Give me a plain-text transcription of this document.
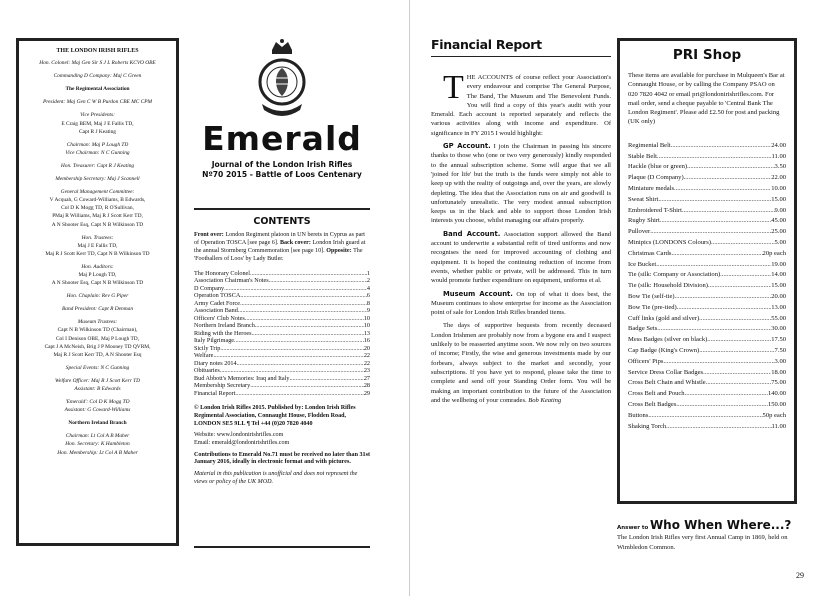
THE LONDON IRISH RIFLES
Hon. Colonel: Maj Gen Sir S J L Roberts KCVO OBE
Commanding D Company: Maj C Green
The Regimental Association
President: Maj Gen C W B Purdon CBE MC CPM
Vice Presidents:
E Craig BEM, Maj J E Fallis TD,
Capt R J Keating
Chairman: Maj P Lough TD
Vice Chairman: N C Gunning
Hon. Treasurer: Capt R J Keating
Membership Secretary: Maj J Scannell
General Management Committee:
V Acquah, G Coward-Williams, B Edwards,
Col D K Mogg TD, R O'Sullivan,
PMaj R Williams, Maj R J Scott Kerr TD,
A N Shooter Esq, Capt N B Wilkinson TD
Hon. Trustees:
Maj J E Fallis TD,
Maj R J Scott Kerr TD, Capt N B Wilkinson TD
Hon. Auditors:
Maj P Lough TD,
A N Shooter Esq, Capt N B Wilkinson TD
Hon. Chaplain: Rev G Piper
Band President: Capt R Denman
Museum Trustees:
Capt N B Wilkinson TD (Chairman),
Col I Denison OBE, Maj P Lough TD,
Capt J A McNeish, Brig J P Mooney TD QVRM,
Maj R J Scott Kerr TD, A N Shooter Esq
Special Events: N C Gunning
Welfare Officer: Maj R J Scott Kerr TD
Assistant: B Edwards
'Emerald': Col D K Mogg TD
Assistant: G Coward-Williams
Northern Ireland Branch
Chairman: Lt Col A B Maher
Hon. Secretary: K Hambleton
Hon. Membership: Lt Col A B Maher
Emerald
Journal of the London Irish Rifles
Nº70 2015 - Battle of Loos Centenary
CONTENTS
Front over: London Regiment platoon in UN berets in Cyprus as part of Operation TOSCA [see page 6]. Back cover: London Irish guard at the annual Stormberg Commemoration [see page 10]. Opposite: The 'Footballers of Loos' by Lady Butler.
The Honorary Colonel .....	1
Association Chairman's Notes .....	2
D Company .....	4
Operation TOSCA .....	6
Army Cadet Force .....	8
Association Band .....	9
Officers' Club Notes .....	10
Northern Ireland Branch .....	10
Riding with the Heroes .....	13
Italy Pilgrimage .....	16
Sicily Trip .....	20
Welfare .....	22
Diary notes 2014 .....	22
Obituaries .....	23
Bud Abbott's Memories: Iraq and Italy .....	27
Membership Secretary .....	28
Financial Report .....	29

© London Irish Rifles 2015. Published by: London Irish Rifles Regimental Association, Connaught House, Flodden Road, LONDON SE5 9LL ¶ Tel +44 (0)20 7820 4040

Website: www.londonirishrifles.com

Email: emerald@londonirishrifles.com

Contributions to Emerald No.71 must be received no later than 31st January 2016, ideally in electronic format and with pictures.

Material in this publication is unofficial and does not represent the views or policy of the UK MOD.

Financial Report

THE ACCOUNTS of course reflect your Association's every endeavour and comprise The General Purpose, The Band, The Museum and The Benevolent Funds. You will find a copy of this year's audit with your Emerald. Each account is reported separately and reflects the various activities along with income and expenditure. Of significance in FY 2015 I would highlight:

GP Account. I join the Chairman in passing his sincere thanks to those who (one or two very generously) kindly responded to the annual subscription scheme. Some will argue that we all 'joined for life' but the truth is the funds were simply not able to keep up with the reality of outgoings and, over the years, are slowly depleting. The idea that the Association runs on air and goodwill is unfortunately unrealistic. The very modest annual subscription keeps us in the black and able to support those London Irish interests you choose, whilst managing our affairs properly.

Band Account. Association support allowed the Band account to underwrite a substantial refit of tired uniforms and now recognises the need for improved accounting of clothing and equipment. It is hoped the continuing reduction of income from events, whether public or private, will be addressed. This in turn would promote further expenditure on equipment, uniforms et al.

Museum Account. On top of what it does best, the Museum continues to show enterprise for income as the Association point of sale for London Irish Rifles branded items.

The days of supportive bequests from recently deceased London Irishmen are probably now from a bygone era and I suspect unlikely to be reasserted anytime soon. We now rely on two sources of income; Firstly, the wise and generous investments made by our forbears, always subject to the market and secondly, your subscriptions. If you have yet to respond, please take the time to complete and send off your Standing Order form. You will be making an important contribution to the future of the Association and the wellbeing of your comrades. Bob Keating

PRI Shop
These items are available for purchase in Mulqueen's Bar at Connaught House, or by calling the Company PSAO on 020 7820 4042 or email pri@londonirishrifles.com. For mail order, send a cheque payable to 'Central Bank The London Regiment'. Please add £2.50 for post and packing (UK only)
Regimental Belt .....	24.00
Stable Belt .....	11.00
Hackle (blue or green) .....	3.50
Plaque (D Company) .....	22.00
Miniature medals .....	10.00
Sweat Shirt .....	15.00
Embroidered T-Shirt .....	9.00
Rugby Shirt .....	45.00
Pullover .....	25.00
Minipics (LONDONS Colours) .....	5.00
Christmas Cards .....	20p each
Ice Bucket .....	19.00
Tie (silk: Company or Association) .....	14.00
Tie (silk: Household Division) .....	15.00
Bow Tie (self-tie) .....	20.00
Bow Tie (pre-tied) .....	13.00
Cuff links (gold and silver) .....	55.00
Badge Sets .....	30.00
Mess Badges (silver on black) .....	17.50
Cap Badge (King's Crown) .....	7.50
Officers' Pips .....	3.00
Service Dress Collar Badges .....	18.00
Cross Belt Chain and Whistle .....	75.00
Cross Belt and Pouch .....	140.00
Cross Belt Badges .....	150.00
Buttons .....	50p each
Shaking Torch .....	11.00
Answer to Who When Where...?
The London Irish Rifles very first Annual Camp in 1869, held on Wimbledon Common.
29
